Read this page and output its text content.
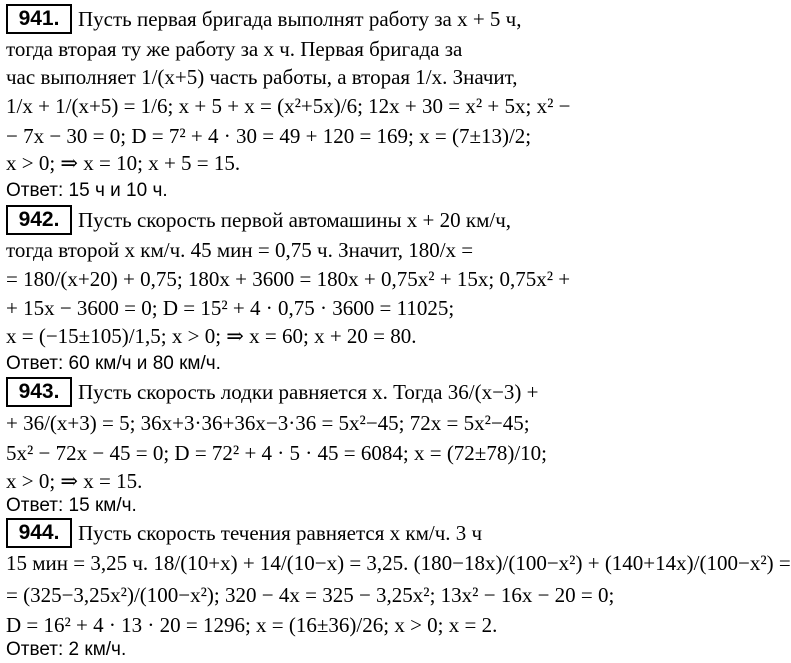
941. Пусть первая бригада выполнят работу за x + 5 ч,
тогда вторая ту же работу за x ч. Первая бригада за
час выполняет 1/(x+5) часть работы, а вторая 1/x. Значит,
1/x + 1/(x+5) = 1/6; x + 5 + x = (x²+5x)/6; 12x + 30 = x² + 5x; x² −
− 7x − 30 = 0; D = 7² + 4 · 30 = 49 + 120 = 169; x = (7±13)/2;
x > 0; ⇒ x = 10; x + 5 = 15.
Ответ: 15 ч и 10 ч.
942. Пусть скорость первой автомашины x + 20 км/ч,
тогда второй x км/ч. 45 мин = 0,75 ч. Значит, 180/x =
= 180/(x+20) + 0,75; 180x + 3600 = 180x + 0,75x² + 15x; 0,75x² +
+ 15x − 3600 = 0; D = 15² + 4 · 0,75 · 3600 = 11025;
x = (−15±105)/1,5; x > 0; ⇒ x = 60; x + 20 = 80.
Ответ: 60 км/ч и 80 км/ч.
943. Пусть скорость лодки равняется x. Тогда 36/(x−3) +
+ 36/(x+3) = 5; 36x+3·36+36x−3·36 = 5x²−45; 72x = 5x²−45;
5x² − 72x − 45 = 0; D = 72² + 4 · 5 · 45 = 6084; x = (72±78)/10;
x > 0; ⇒ x = 15.
Ответ: 15 км/ч.
944. Пусть скорость течения равняется x км/ч. 3 ч
15 мин = 3,25 ч. 18/(10+x) + 14/(10−x) = 3,25. (180−18x)/(100−x²) + (140+14x)/(100−x²) =
= (325−3,25x²)/(100−x²); 320 − 4x = 325 − 3,25x²; 13x² − 16x − 20 = 0;
D = 16² + 4 · 13 · 20 = 1296; x = (16±36)/26; x > 0; x = 2.
Ответ: 2 км/ч.
